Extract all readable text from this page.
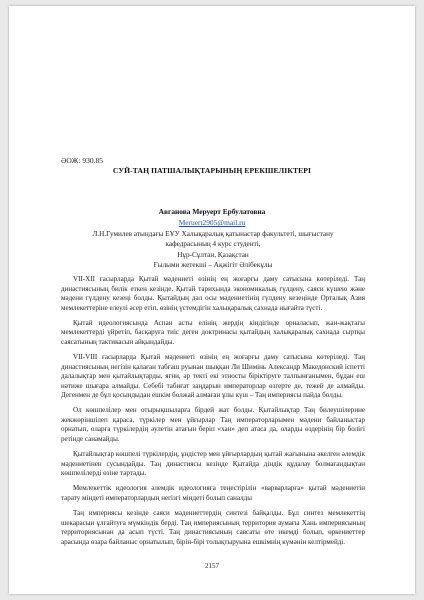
ӘОЖ: 930.85
СУЙ-ТАҢ ПАТШАЛЫҚТАРЫНЫҢ ЕРЕКШЕЛІКТЕРІ
Авганова Меруерт Ербулатовна
Meruert2905@mail.ru
Л.Н.Гумилев атындағы ЕҰУ Халықаралық қатынастар факультеті, шығыстану
кафедрасының 4 курс студенті,
Нұр-Сұлтан, Қазақстан
Ғылыми жетекші – Ақжігіт Әлібекұлы

VII-XII ғасырларда Қытай мәдениеті өзінің ең жоғарғы даму сатысына көтеріледі. Таң династиясының билік еткен кезінде, Қытай тарихында экономикалық гүлдену, саяси күшею және мәдени гүлдену кезеңі болды. Қытайдың дәл осы мәдениетінің гүлдену кезеңінде Орталық Азия мемлекеттеріне елеулі әсер етіп, өзінің үстемдігін халықаралық сахнада нығайта түсті.

Қытай идеологиясында Аспан асты елінің жердің кіндігінде орналасып, жан-жақтағы мемлекеттерді үйретіп, басқаруға тиіс деген доктринасы қытайдың халықаралық сахнада сыртқы саясатының тактикасын айқындайды.

VII-VIII ғасырларда Қытай мәдениеті өзінің ең жоғарғы даму сатысына көтеріледі. Таң династиясының негізін қалаған табғаш руынан шыққан Ли Шимінь Александр Македонский іспетті далалықтар мен қытайлықтарды, яғни, әр текті екі этносты біріктіруге талпынғанымен, бұдан еш нәтиже шығара алмайды. Себебі табиғат заңдарын императорлар өзгерте де, тежей де алмайды. Дегенмен де бұл қосындыдан ешкім болжай алмаған ұлы күш – Таң империясы пайда болды.

Ол көшпелілер мен отырықшыларға бірдей жат болды. Қытайлықтар Таң билеушілерине жекжөріншілеп қараса, түркілер мен ұйғырлар Таң императорларымен мәдени байланыстар орнатып, оларға түркілердің әулетін атағын беріп «хан» деп атаса да, оларды өздерінің бір болігі ретінде санамайды.

Қытайлықтар көшпелі түркілердің, ұндістер мен ұйғырлардың қытай жағынына әкелген әлемдік мәдениетінен сусындайды. Таң династиясы кезінде Қытайда діндік құдалау болмағандықтан көшпелілерді өзіне тартады.

Мемлекеттік идеология әлемдік идеологияға теңестірілін «варварларға» қытай мәдениетін тарату міндеті императорлардың негізгі міндеті болып саналды

Таң империясы кезінде саяси мәдениеттердің синтезі байқалды. Бұл синтез мемлекеттің шекарасын ұлғайтуға мүмкіндік берді. Таң империясының территория аумағы Хань империясының территориясынан да асып түсті. Таң династиясының савсаты өте икемді болып, өркениеттер арасында өзара байланыс орнатылып, бірін-бірі толықтыруына ешкімнің күмәнін келтірмейді.

2157
